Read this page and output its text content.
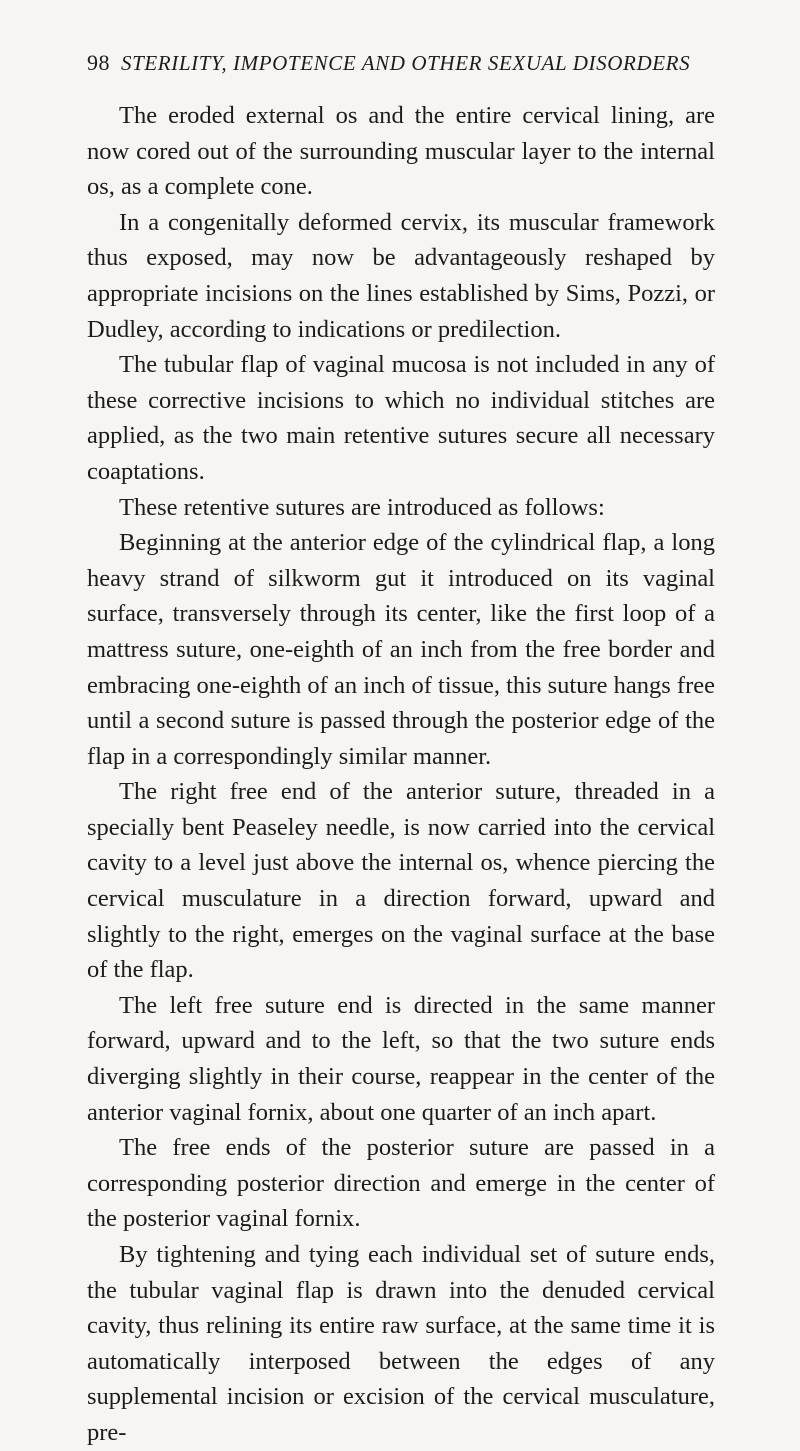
98 STERILITY, IMPOTENCE AND OTHER SEXUAL DISORDERS

The eroded external os and the entire cervical lining, are now cored out of the surrounding muscular layer to the internal os, as a complete cone.

In a congenitally deformed cervix, its muscular framework thus exposed, may now be advantageously reshaped by appropriate incisions on the lines established by Sims, Pozzi, or Dudley, according to indications or predilection.

The tubular flap of vaginal mucosa is not included in any of these corrective incisions to which no individual stitches are applied, as the two main retentive sutures secure all necessary coaptations.

These retentive sutures are introduced as follows:

Beginning at the anterior edge of the cylindrical flap, a long heavy strand of silkworm gut it introduced on its vaginal surface, transversely through its center, like the first loop of a mattress suture, one-eighth of an inch from the free border and embracing one-eighth of an inch of tissue, this suture hangs free until a second suture is passed through the posterior edge of the flap in a correspondingly similar manner.

The right free end of the anterior suture, threaded in a specially bent Peaseley needle, is now carried into the cervical cavity to a level just above the internal os, whence piercing the cervical musculature in a direction forward, upward and slightly to the right, emerges on the vaginal surface at the base of the flap.

The left free suture end is directed in the same manner forward, upward and to the left, so that the two suture ends diverging slightly in their course, reappear in the center of the anterior vaginal fornix, about one quarter of an inch apart.

The free ends of the posterior suture are passed in a corresponding posterior direction and emerge in the center of the posterior vaginal fornix.

By tightening and tying each individual set of suture ends, the tubular vaginal flap is drawn into the denuded cervical cavity, thus relining its entire raw surface, at the same time it is automatically interposed between the edges of any supplemental incision or excision of the cervical musculature, pre-
